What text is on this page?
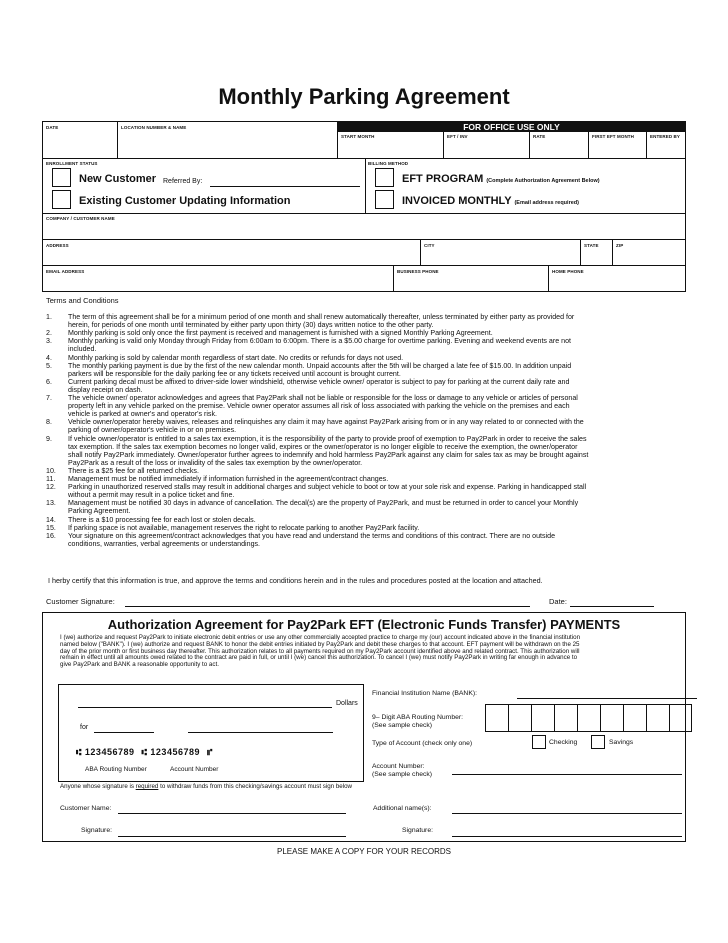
Monthly Parking Agreement
FOR OFFICE USE ONLY
DATE	LOCATION NUMBER & NAME
START MONTH	EFT / INV	RATE	FIRST EFT MONTH	ENTERED BY
ENROLLMENT STATUS	BILLING METHOD
New Customer Referred By:
Existing Customer Updating Information
EFT PROGRAM (Complete Authorization Agreement Below)
INVOICED MONTHLY (Email address required)
COMPANY / CUSTOMER NAME
ADDRESS	CITY	STATE	ZIP
EMAIL ADDRESS	BUSINESS PHONE	HOME PHONE
Terms and Conditions
1.	The term of this agreement shall be for a minimum period of one month and shall renew automatically thereafter, unless terminated by either party as provided for
herein, for periods of one month until terminated by either party upon thirty (30) days written notice to the other party.
2.	Monthly parking is sold only once the first payment is received and management is furnished with a signed Monthly Parking Agreement.
3.	Monthly parking is valid only Monday through Friday from 6:00am to 6:00pm. There is a $5.00 charge for overtime parking. Evening and weekend events are not
included.
4.	Monthly parking is sold by calendar month regardless of start date. No credits or refunds for days not used.
5.	The monthly parking payment is due by the first of the new calendar month. Unpaid accounts after the 5th will be charged a late fee of $15.00. In addition unpaid
parkers will be responsible for the daily parking fee or any tickets received until account is brought current.
6.	Current parking decal must be affixed to driver-side lower windshield, otherwise vehicle owner/ operator is subject to pay for parking at the current daily rate and
display receipt on dash.
7.	The vehicle owner/ operator acknowledges and agrees that Pay2Park shall not be liable or responsible for the loss or damage to any vehicle or articles of personal
property left in any vehicle parked on the premise. Vehicle owner operator assumes all risk of loss associated with parking the vehicle on the premises and each
vehicle is parked at owner's and operator's risk.
8.	Vehicle owner/operator hereby waives, releases and relinquishes any claim it may have against Pay2Park arising from or in any way related to or connected with the
parking of owner/operator's vehicle in or on premises.
9.	If vehicle owner/operator is entitled to a sales tax exemption, it is the responsibility of the party to provide proof of exemption to Pay2Park in order to receive the sales
tax exemption. If the sales tax exemption becomes no longer valid, expires or the owner/operator is no longer eligible to receive the exemption, the owner/operator
shall notify Pay2Park immediately. Owner/operator further agrees to indemnify and hold harmless Pay2Park against any claim for sales tax as may be brought against
Pay2Park as a result of the loss or invalidity of the sales tax exemption by the owner/operator.
10.	There is a $25 fee for all returned checks.
11.	Management must be notified immediately if information furnished in the agreement/contract changes.
12.	Parking in unauthorized reserved stalls may result in additional charges and subject vehicle to boot or tow at your sole risk and expense. Parking in handicapped stall
without a permit may result in a police ticket and fine.
13.	Management must be notified 30 days in advance of cancellation. The decal(s) are the property of Pay2Park, and must be returned in order to cancel your Monthly
Parking Agreement.
14.	There is a $10 processing fee for each lost or stolen decals.
15.	If parking space is not available, management reserves the right to relocate parking to another Pay2Park facility.
16.	Your signature on this agreement/contract acknowledges that you have read and understand the terms and conditions of this contract. There are no outside
conditions, warranties, verbal agreements or understandings.
I herby certify that this information is true, and approve the terms and conditions herein and in the rules and procedures posted at the location and attached.
Customer Signature:	Date:
Authorization Agreement for Pay2Park EFT (Electronic Funds Transfer) PAYMENTS
I (we) authorize and request Pay2Park to initiate electronic debit entries or use any other commercially accepted practice to charge my (our) account indicated above in the financial institution
named below ("BANK"). I (we) authorize and request BANK to honor the debit entries initiated by Pay2Park and debit these charges to that account. EFT payment will be withdrawn on the 25
day of the prior month or first business day thereafter. This authorization relates to all payments required on my Pay2Park account identified above and related contract. This authorization will
remain in effect until all amounts owed related to the contract are paid in full, or until I (we) cancel this authorization. To cancel I (we) must notify Pay2Park in writing far enough in advance to
give Pay2Park and BANK a reasonable opportunity to act.
Dollars
for
⑆ 123456789 ⑆ 123456789 ⑈
ABA Routing Number	Account Number
Financial Institution Name (BANK):
9– Digit ABA Routing Number:
(See sample check)
Type of Account (check only one)	Checking	Savings
Account Number:
(See sample check)
Anyone whose signature is required to withdraw funds from this checking/savings account must sign below
Customer Name:	Additional name(s):
Signature:	Signature:
PLEASE MAKE A COPY FOR YOUR RECORDS
